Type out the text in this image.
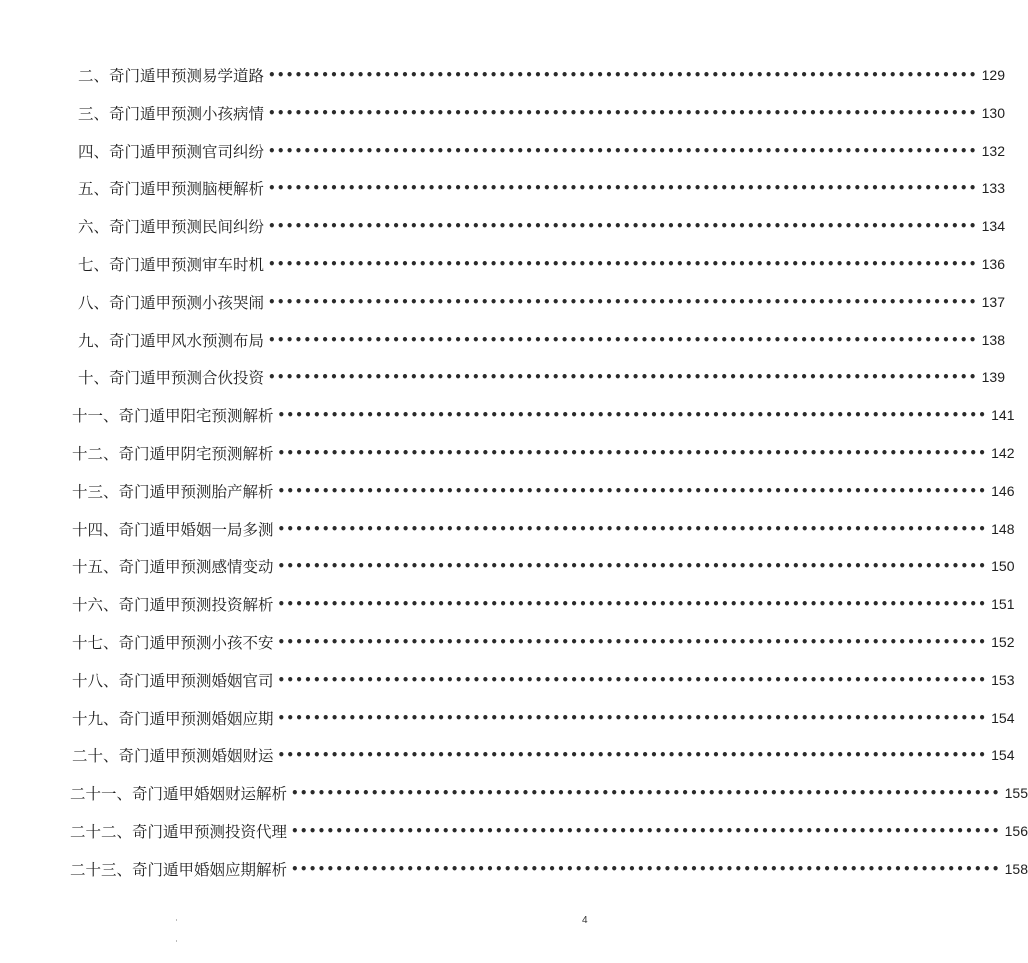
二、 奇门遁甲预测易学道路 •••••••••••••••••••••••••••••••••••••••••••••••••••••••••••••••••••••••••••••••• 129
三、 奇门遁甲预测小孩病情 •••••••••••••••••••••••••••••••••••••••••••••••••••••••••••••••••••••••••••••••• 130
四、 奇门遁甲预测官司纠纷 •••••••••••••••••••••••••••••••••••••••••••••••••••••••••••••••••••••••••••••••• 132
五、 奇门遁甲预测脑梗解析 •••••••••••••••••••••••••••••••••••••••••••••••••••••••••••••••••••••••••••••••• 133
六、 奇门遁甲预测民间纠纷 •••••••••••••••••••••••••••••••••••••••••••••••••••••••••••••••••••••••••••••••• 134
七、 奇门遁甲预测审车时机 •••••••••••••••••••••••••••••••••••••••••••••••••••••••••••••••••••••••••••••••• 136
八、 奇门遁甲预测小孩哭闹 •••••••••••••••••••••••••••••••••••••••••••••••••••••••••••••••••••••••••••••••• 137
九、 奇门遁甲风水预测布局 •••••••••••••••••••••••••••••••••••••••••••••••••••••••••••••••••••••••••••••••• 138
十、 奇门遁甲预测合伙投资 •••••••••••••••••••••••••••••••••••••••••••••••••••••••••••••••••••••••••••••••• 139
十一、 奇门遁甲阳宅预测解析 •••••••••••••••••••••••••••••••••••••••••••••••••••••••••••••••••••••••••••••••• 141
十二、 奇门遁甲阴宅预测解析 •••••••••••••••••••••••••••••••••••••••••••••••••••••••••••••••••••••••••••••••• 142
十三、 奇门遁甲预测胎产解析 •••••••••••••••••••••••••••••••••••••••••••••••••••••••••••••••••••••••••••••••• 146
十四、 奇门遁甲婚姻一局多测 •••••••••••••••••••••••••••••••••••••••••••••••••••••••••••••••••••••••••••••••• 148
十五、 奇门遁甲预测感情变动 •••••••••••••••••••••••••••••••••••••••••••••••••••••••••••••••••••••••••••••••• 150
十六、 奇门遁甲预测投资解析 •••••••••••••••••••••••••••••••••••••••••••••••••••••••••••••••••••••••••••••••• 151
十七、 奇门遁甲预测小孩不安 •••••••••••••••••••••••••••••••••••••••••••••••••••••••••••••••••••••••••••••••• 152
十八、 奇门遁甲预测婚姻官司 •••••••••••••••••••••••••••••••••••••••••••••••••••••••••••••••••••••••••••••••• 153
十九、 奇门遁甲预测婚姻应期 •••••••••••••••••••••••••••••••••••••••••••••••••••••••••••••••••••••••••••••••• 154
二十、 奇门遁甲预测婚姻财运 •••••••••••••••••••••••••••••••••••••••••••••••••••••••••••••••••••••••••••••••• 154
二十一、 奇门遁甲婚姻财运解析 •••••••••••••••••••••••••••••••••••••••••••••••••••••••••••••••••••••••••••••••• 155
二十二、 奇门遁甲预测投资代理 •••••••••••••••••••••••••••••••••••••••••••••••••••••••••••••••••••••••••••••••• 156
二十三、 奇门遁甲婚姻应期解析 •••••••••••••••••••••••••••••••••••••••••••••••••••••••••••••••••••••••••••••••• 158
4
